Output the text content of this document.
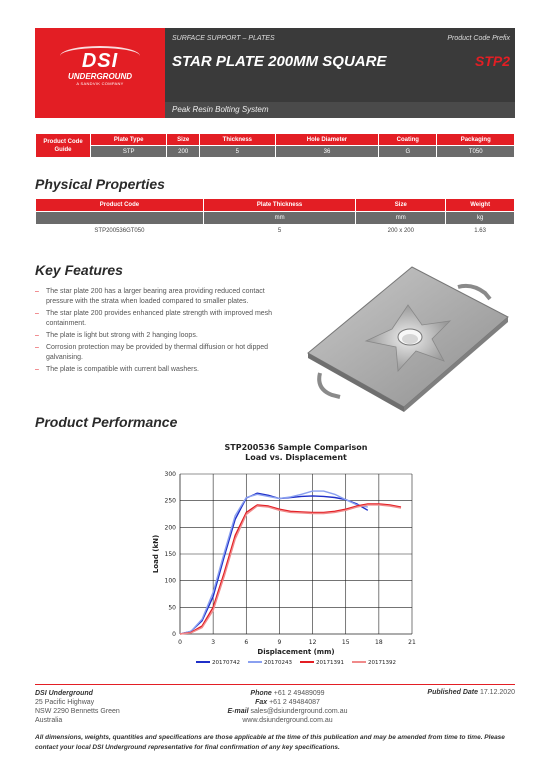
DSI
UNDERGROUND
A SANDVIK COMPANY
SURFACE SUPPORT – PLATES
STAR PLATE 200MM SQUARE
Product Code Prefix
STP2
Peak Resin Bolting System
Product Code Guide	Plate Type	Size	Thickness	Hole Diameter	Coating	Packaging
	STP	200	5	36	G	T050
Physical Properties
Product Code	Plate Thickness	Size	Weight
	mm	mm	kg
STP200536GT050	5	200 x 200	1.63
Key Features
– The star plate 200 has a larger bearing area providing reduced contact pressure with the strata when loaded compared to smaller plates.
– The star plate 200 provides enhanced plate strength with improved mesh containment.
– The plate is light but strong with 2 hanging loops.
– Corrosion protection may be provided by thermal diffusion or hot dipped galvanising.
– The plate is compatible with current ball washers.
Product Performance
STP200536 Sample Comparison
Load vs. Displacement
0	3	6	9	12	15	18	21
0
50
100
150
200
250
300
Displacement (mm)
Load (kN)
20170742	20170243	20171391	20171392
DSI Underground
25 Pacific Highway
NSW 2290 Bennetts Green
Australia
Phone +61 2 49489099
Fax +61 2 49484087
E-mail sales@dsiunderground.com.au
www.dsiunderground.com.au
Published Date 17.12.2020
All dimensions, weights, quantities and specifications are those applicable at the time of this publication and may be amended from time to time. Please contact your local DSI Underground representative for final confirmation of any key specifications.
